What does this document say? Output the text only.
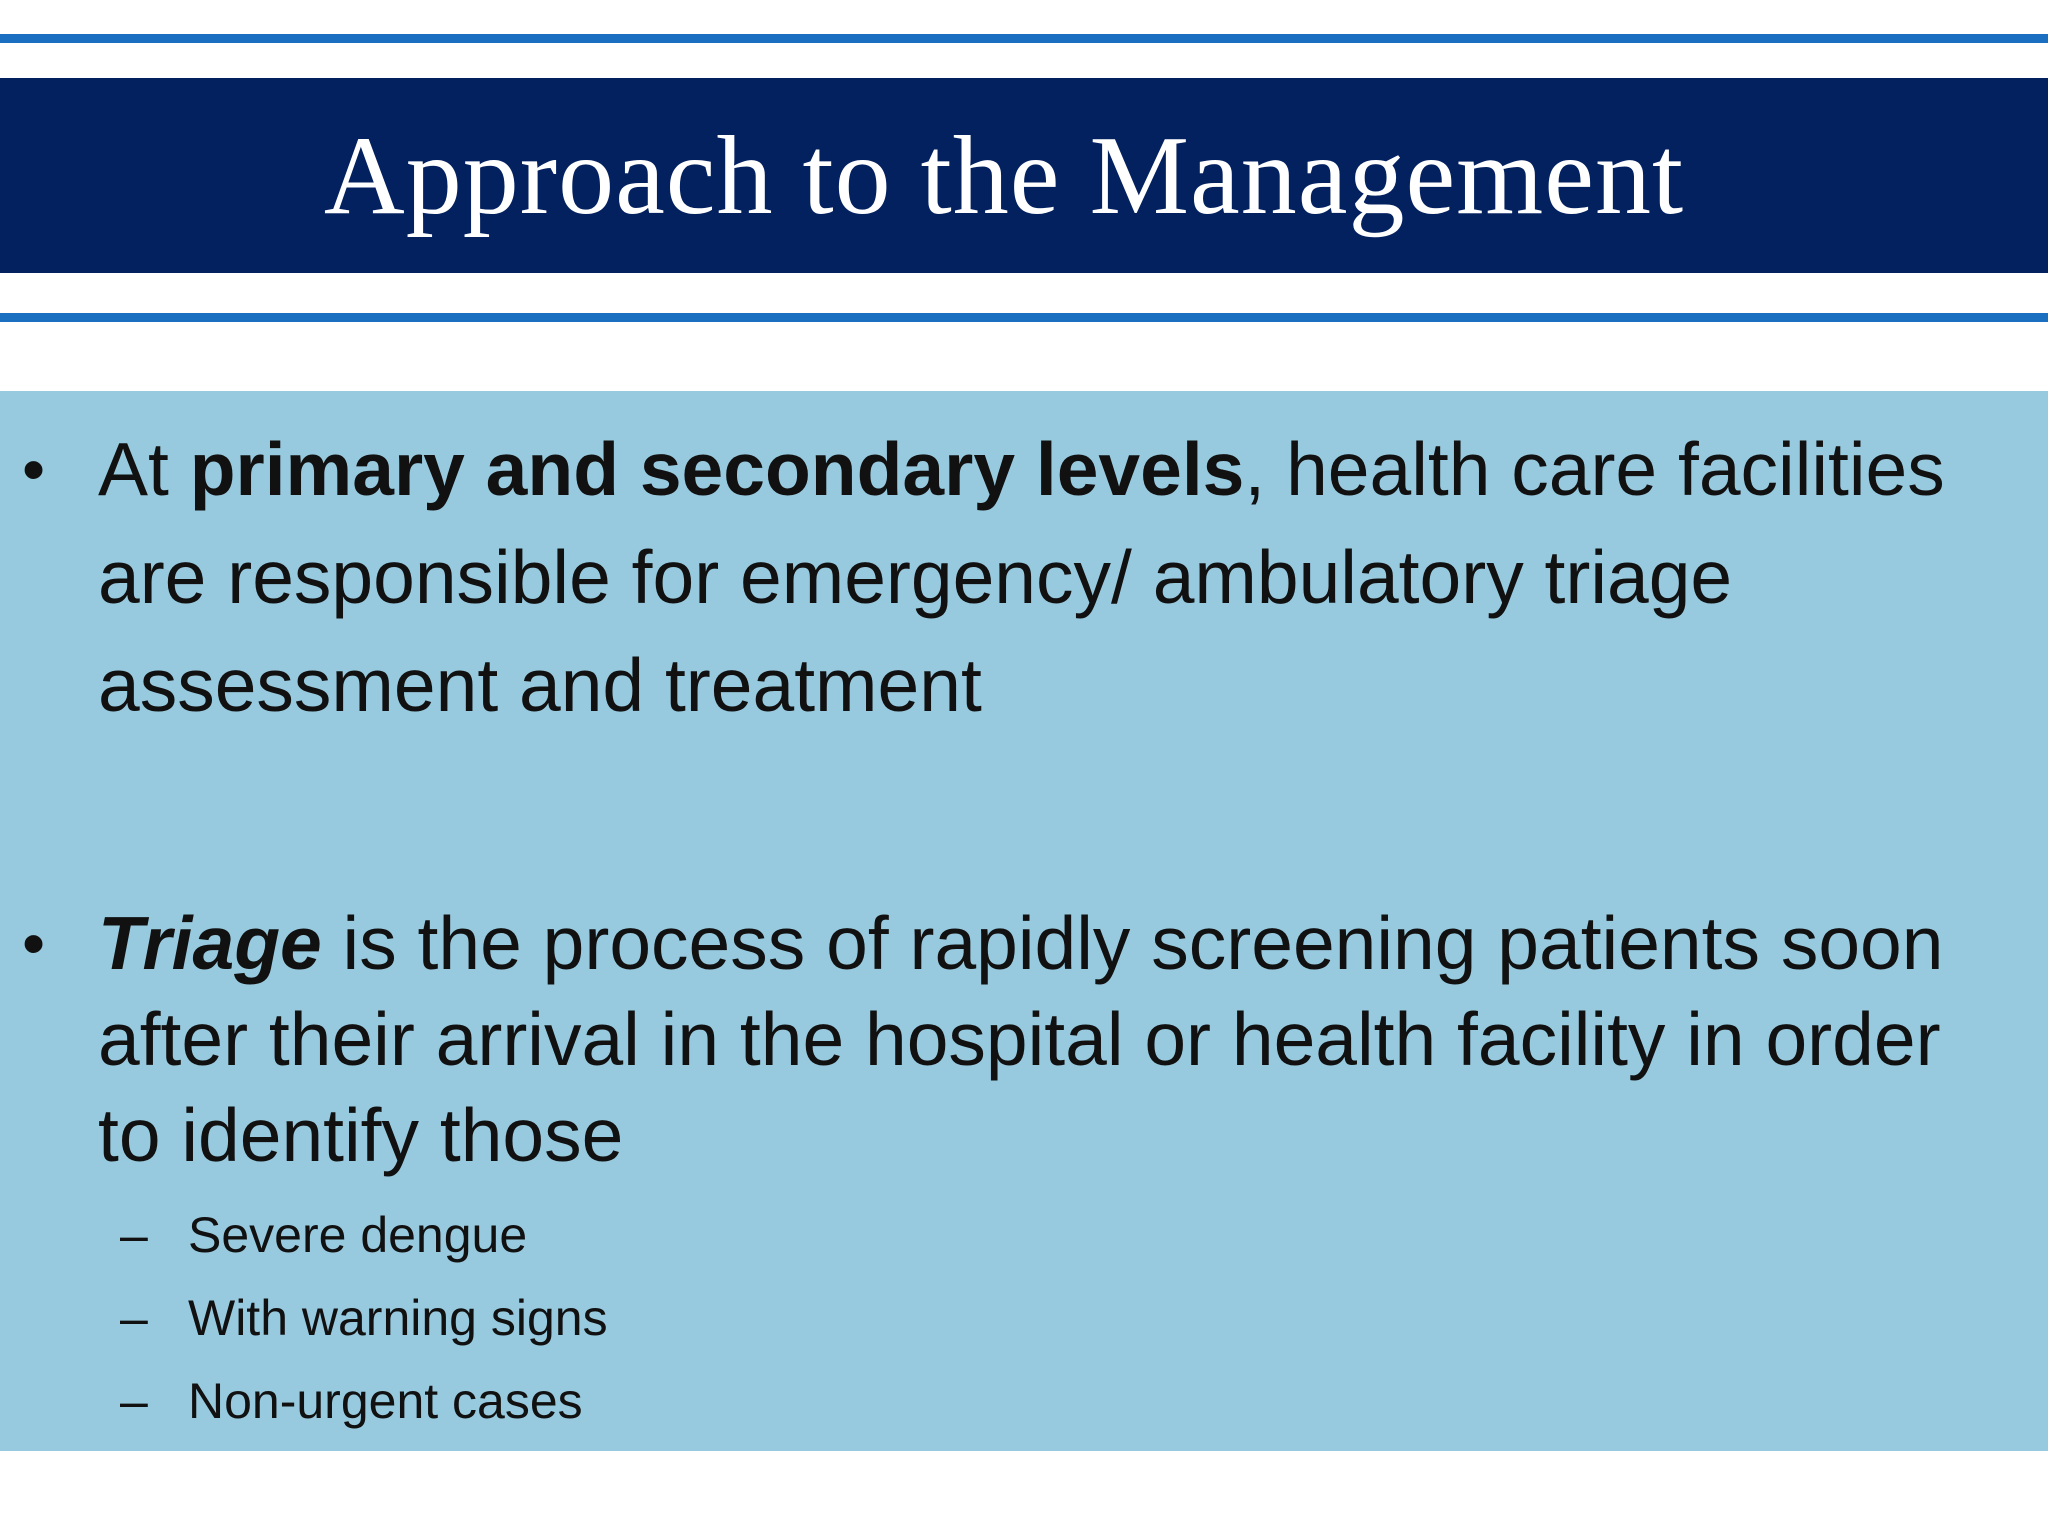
Approach to the Management
• At primary and secondary levels, health care facilities are responsible for emergency/ ambulatory triage assessment and treatment
• Triage is the process of rapidly screening patients soon after their arrival in the hospital or health facility in order to identify those
– Severe dengue
– With warning signs
– Non-urgent cases
